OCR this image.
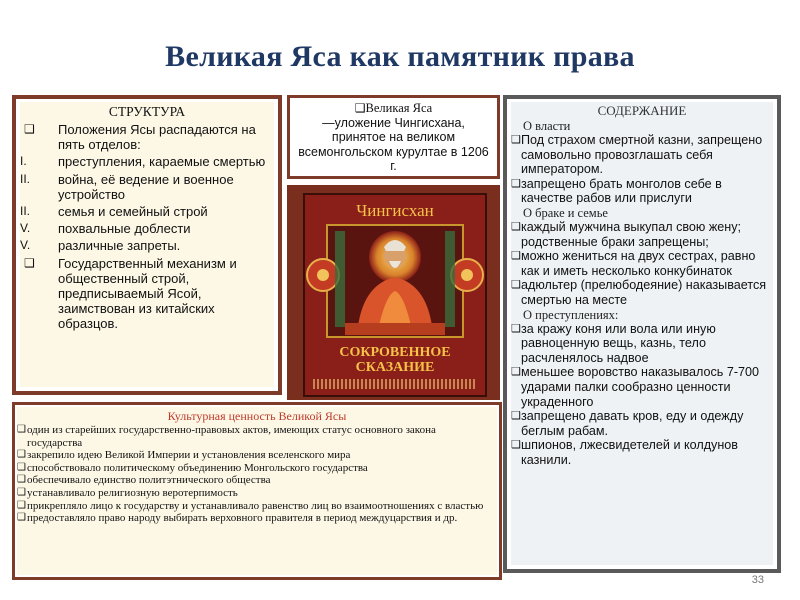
Великая Яса как памятник права
СТРУКТУРА
❑ Положения Ясы распадаются на пять отделов:
I. преступления, караемые смертью
II. война, её ведение и военное устройство
II. семья и семейный строй
V. похвальные доблести
V. различные запреты.
❑ Государственный механизм и общественный строй, предписываемый Ясой, заимствован из китайских образцов.
❑Великая Яса
—уложение Чингисхана, принятое на великом всемонгольском курултае в 1206 г.
Чингисхан
СОКРОВЕННОЕ
СКАЗАНИЕ
Культурная ценность Великой Ясы
❑ один из старейших государственно-правовых актов, имеющих статус основного закона государства
❑ закрепило идею Великой Империи и установления вселенского мира
❑ способствовало политическому объединению Монгольского государства
❑ обеспечивало единство политэтнического общества
❑ устанавливало религиозную веротерпимость
❑ прикрепляло лицо к государству и устанавливало равенство лиц во взаимоотношениях с властью
❑ предоставляло право народу выбирать верховного правителя в период междуцарствия и др.
СОДЕРЖАНИЕ
О власти
❑ Под страхом смертной казни, запрещено самовольно провозглашать себя императором.
❑ запрещено брать монголов себе в качестве рабов или прислуги
О браке и семье
❑ каждый мужчина выкупал свою жену; родственные браки запрещены;
❑ можно жениться на двух сестрах, равно как и иметь несколько конкубинаток
❑ адюльтер (прелюбодеяние) наказывается смертью на месте
О преступлениях:
❑ за кражу коня или вола или иную равноценную вещь, казнь, тело расчленялось надвое
❑ меньшее воровство наказывалось 7-700 ударами палки сообразно ценности украденного
❑ запрещено давать кров, еду и одежду беглым рабам.
❑ шпионов, лжесвидетелей и колдунов казнили.
33
